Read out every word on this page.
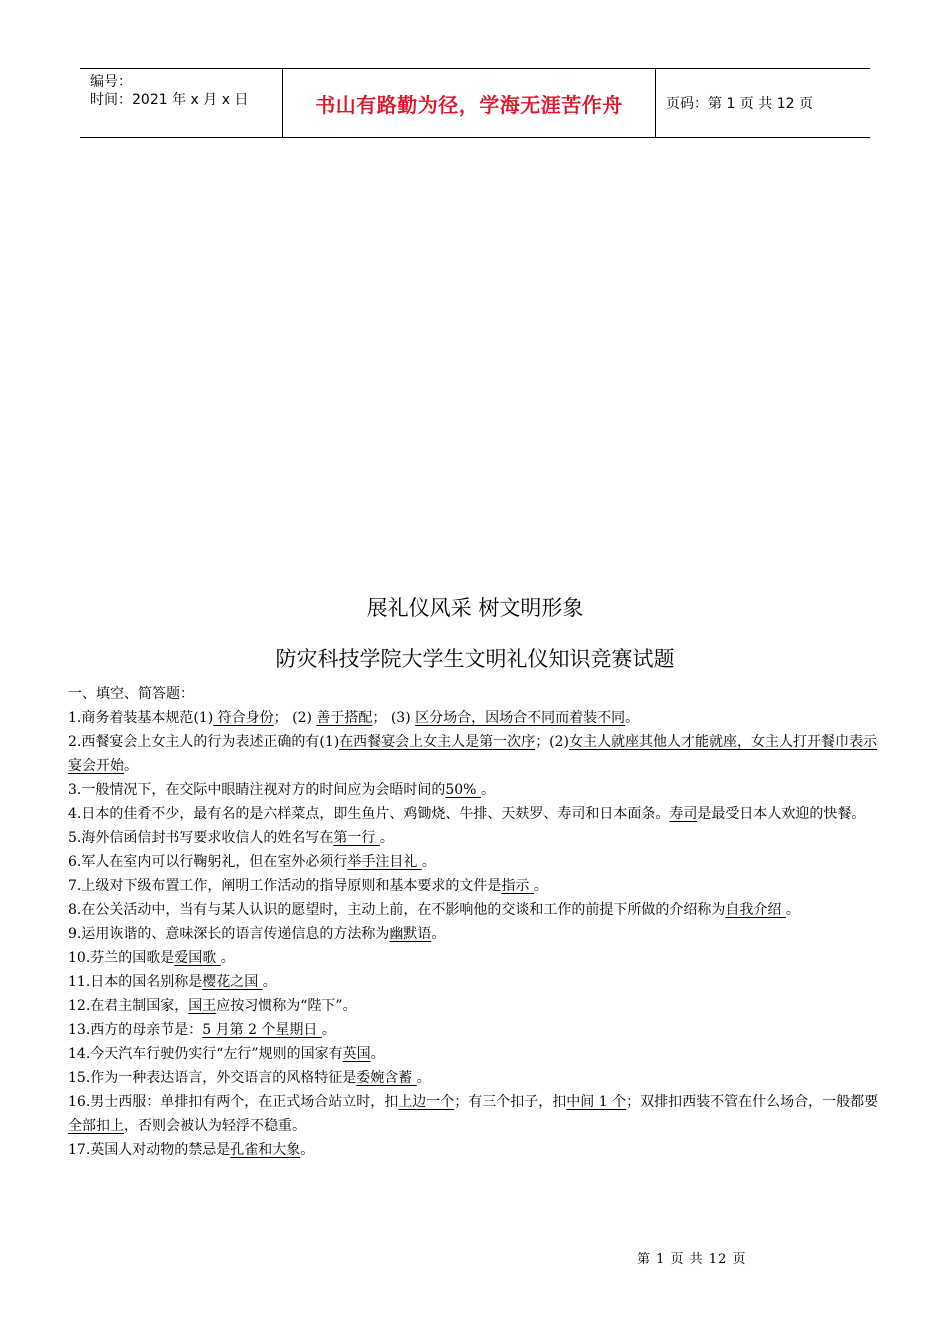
编号：
时间：2021 年 x 月 x 日	书山有路勤为径，学海无涯苦作舟	页码：第 1 页 共 12 页
展礼仪风采 树文明形象
防灾科技学院大学生文明礼仪知识竞赛试题

一、填空、简答题：

1.商务着装基本规范(1) 符合身份； (2) 善于搭配； (3) 区分场合，因场合不同而着装不同。

2.西餐宴会上女主人的行为表述正确的有(1)在西餐宴会上女主人是第一次序；(2)女主人就座其他人才能就座，女主人打开餐巾表示宴会开始。

3.一般情况下，在交际中眼睛注视对方的时间应为会晤时间的50% 。

4.日本的佳肴不少，最有名的是六样菜点，即生鱼片、鸡锄烧、牛排、天麸罗、寿司和日本面条。寿司是最受日本人欢迎的快餐。

5.海外信函信封书写要求收信人的姓名写在第一行 。

6.军人在室内可以行鞠躬礼，但在室外必须行举手注目礼 。

7.上级对下级布置工作，阐明工作活动的指导原则和基本要求的文件是指示 。

8.在公关活动中，当有与某人认识的愿望时，主动上前，在不影响他的交谈和工作的前提下所做的介绍称为自我介绍 。

9.运用诙谐的、意味深长的语言传递信息的方法称为幽默语。

10.芬兰的国歌是爱国歌 。

11.日本的国名别称是樱花之国 。

12.在君主制国家，国王应按习惯称为“陛下”。

13.西方的母亲节是：5 月第 2 个星期日 。

14.今天汽车行驶仍实行“左行”规则的国家有英国。

15.作为一种表达语言，外交语言的风格特征是委婉含蓄 。

16.男士西服：单排扣有两个，在正式场合站立时，扣上边一个；有三个扣子，扣中间 1 个；双排扣西装不管在什么场合，一般都要全部扣上，否则会被认为轻浮不稳重。

17.英国人对动物的禁忌是孔雀和大象。

第 1 页 共 12 页
